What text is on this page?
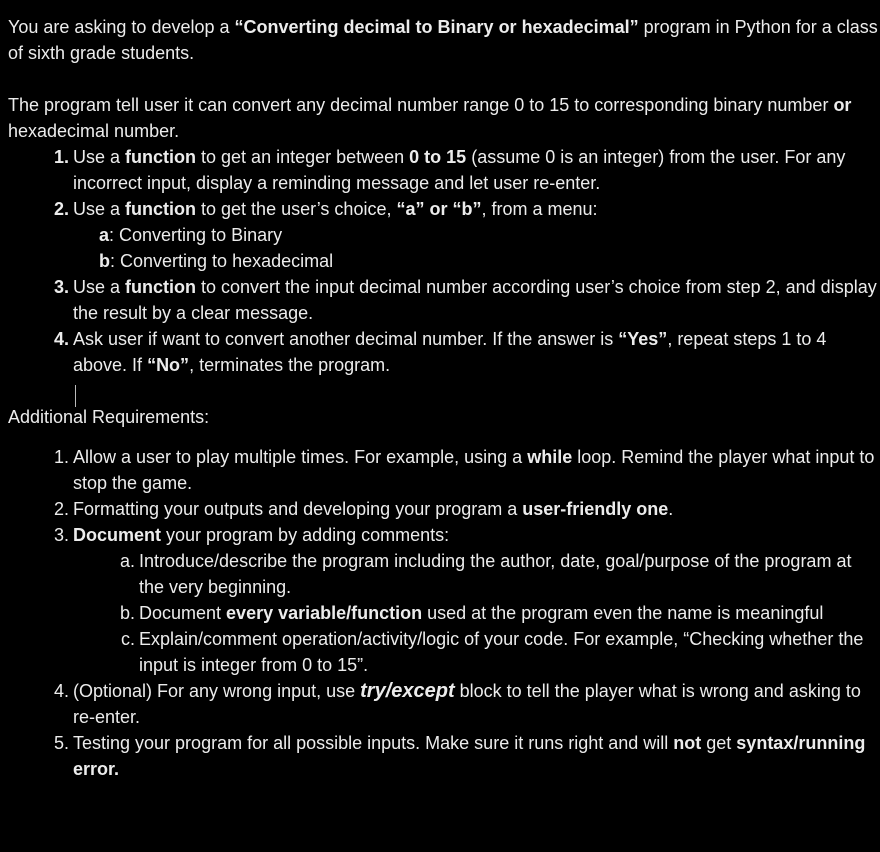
You are asking to develop a “Converting decimal to Binary or hexadecimal” program in Python for a class of sixth grade students.

The program tell user it can convert any decimal number range 0 to 15 to corresponding binary number or hexadecimal number.

1. Use a function to get an integer between 0 to 15 (assume 0 is an integer) from the user. For any incorrect input, display a reminding message and let user re-enter.
2. Use a function to get the user’s choice, “a” or “b”, from a menu:
a: Converting to Binary
b: Converting to hexadecimal
3. Use a function to convert the input decimal number according user’s choice from step 2, and display the result by a clear message.
4. Ask user if want to convert another decimal number. If the answer is “Yes”, repeat steps 1 to 4 above. If “No”, terminates the program.

Additional Requirements:

1. Allow a user to play multiple times. For example, using a while loop. Remind the player what input to stop the game.
2. Formatting your outputs and developing your program a user-friendly one.
3. Document your program by adding comments:
a. Introduce/describe the program including the author, date, goal/purpose of the program at the very beginning.
b. Document every variable/function used at the program even the name is meaningful
c. Explain/comment operation/activity/logic of your code. For example, “Checking whether the input is integer from 0 to 15”.
4. (Optional) For any wrong input, use try/except block to tell the player what is wrong and asking to re-enter.
5. Testing your program for all possible inputs. Make sure it runs right and will not get syntax/running error.
